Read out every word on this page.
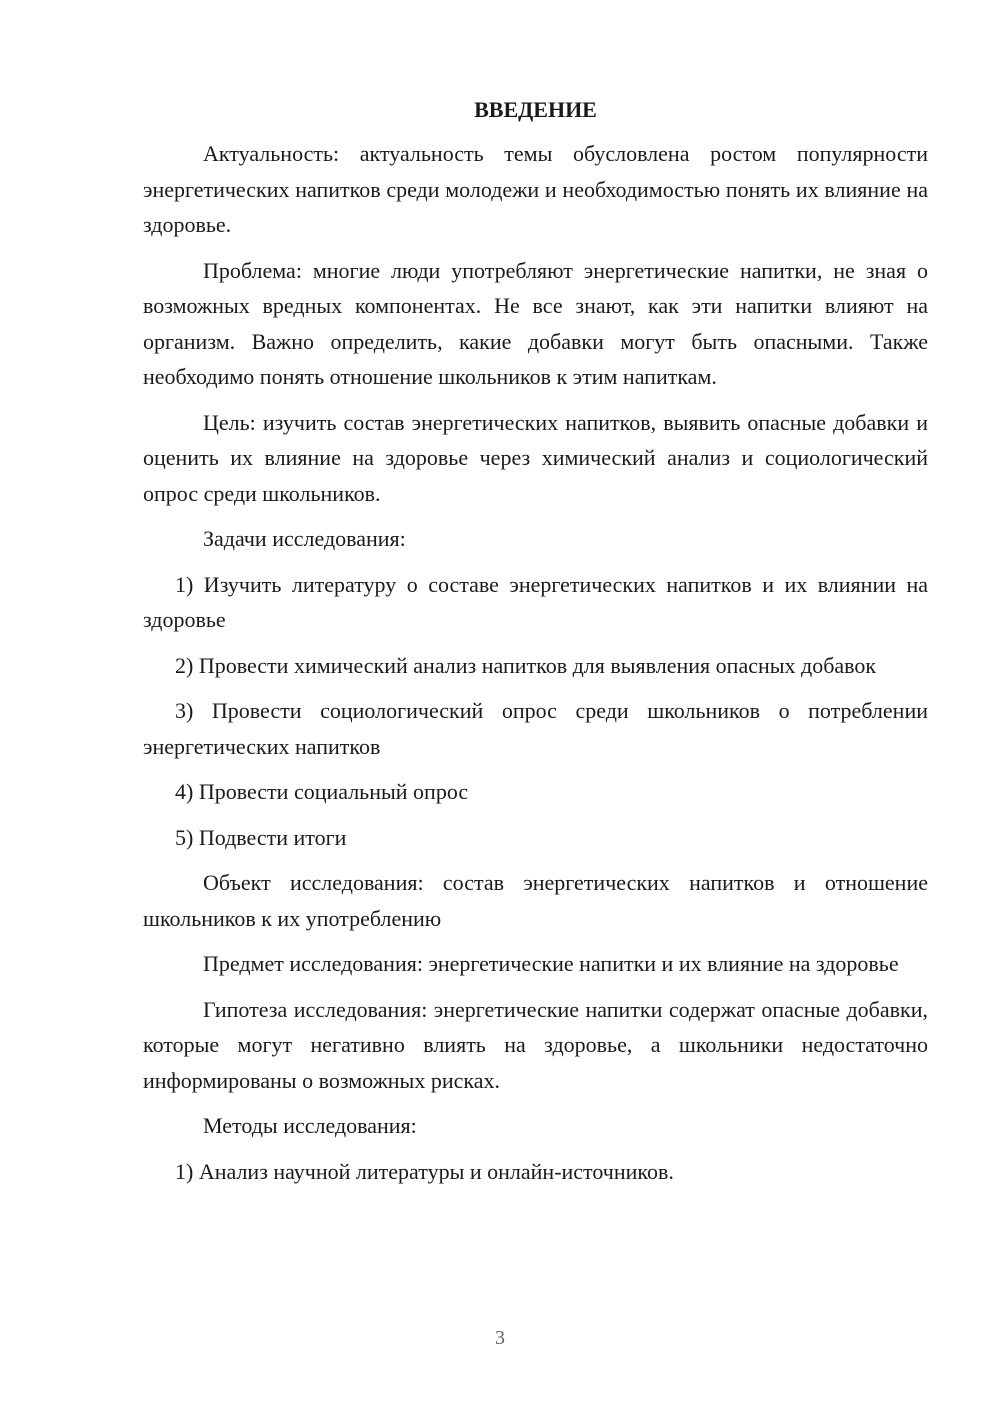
ВВЕДЕНИЕ

Актуальность: актуальность темы обусловлена ростом популярности энергетических напитков среди молодежи и необходимостью понять их влияние на здоровье.

Проблема: многие люди употребляют энергетические напитки, не зная о возможных вредных компонентах. Не все знают, как эти напитки влияют на организм. Важно определить, какие добавки могут быть опасными. Также необходимо понять отношение школьников к этим напиткам.

Цель: изучить состав энергетических напитков, выявить опасные добавки и оценить их влияние на здоровье через химический анализ и социологический опрос среди школьников.

Задачи исследования:

1) Изучить литературу о составе энергетических напитков и их влиянии на здоровье

2) Провести химический анализ напитков для выявления опасных добавок

3) Провести социологический опрос среди школьников о потреблении энергетических напитков

4) Провести социальный опрос

5) Подвести итоги

Объект исследования: состав энергетических напитков и отношение школьников к их употреблению

Предмет исследования: энергетические напитки и их влияние на здоровье

Гипотеза исследования: энергетические напитки содержат опасные добавки, которые могут негативно влиять на здоровье, а школьники недостаточно информированы о возможных рисках.

Методы исследования:

1) Анализ научной литературы и онлайн-источников.

3
